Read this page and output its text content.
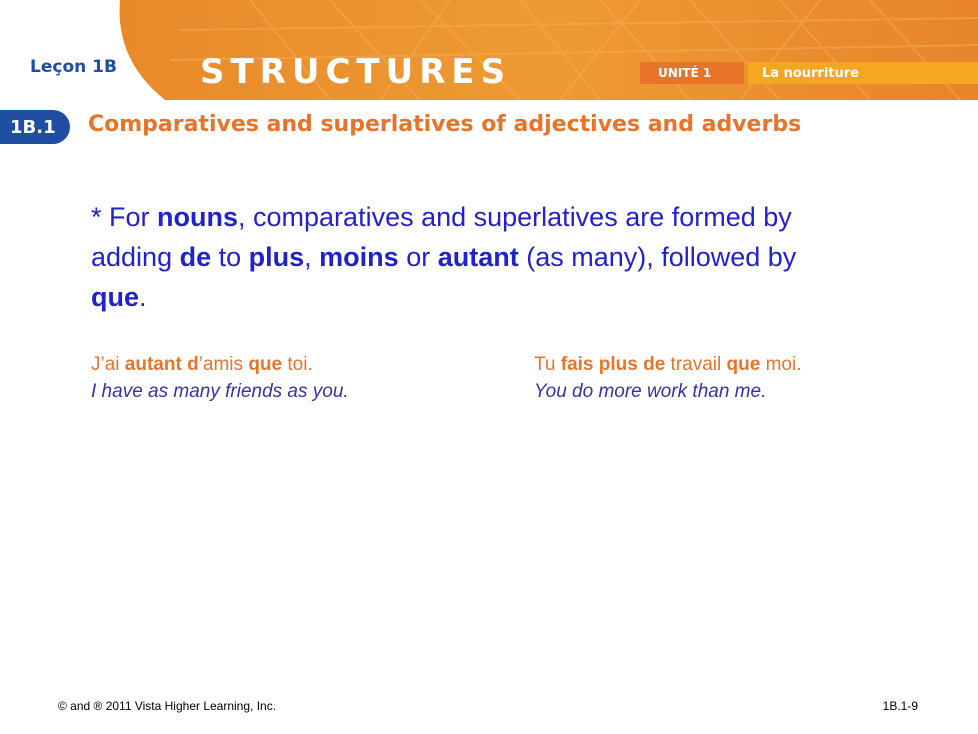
Leçon 1B STRUCTURES	UNITÉ 1	La nourriture
1B.1	Comparatives and superlatives of adjectives and adverbs
* For nouns, comparatives and superlatives are formed by adding de to plus, moins or autant (as many), followed by que.
J’ai autant d’amis que toi.
I have as many friends as you.
Tu fais plus de travail que moi.
You do more work than me.
© and ® 2011 Vista Higher Learning, Inc.	1B.1-9
